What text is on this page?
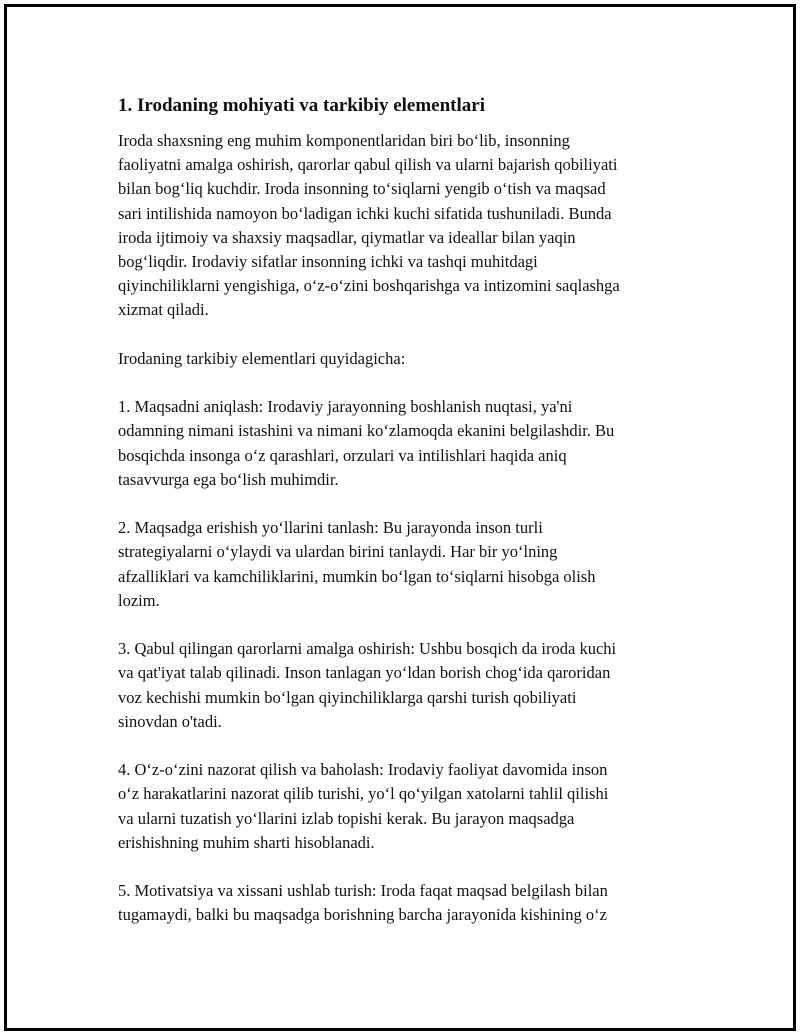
1. Irodaning mohiyati va tarkibiy elementlari

Iroda shaxsning eng muhim komponentlaridan biri bo‘lib, insonning
faoliyatni amalga oshirish, qarorlar qabul qilish va ularni bajarish qobiliyati
bilan bog‘liq kuchdir. Iroda insonning to‘siqlarni yengib o‘tish va maqsad
sari intilishida namoyon bo‘ladigan ichki kuchi sifatida tushuniladi. Bunda
iroda ijtimoiy va shaxsiy maqsadlar, qiymatlar va ideallar bilan yaqin
bog‘liqdir. Irodaviy sifatlar insonning ichki va tashqi muhitdagi
qiyinchiliklarni yengishiga, o‘z-o‘zini boshqarishga va intizomini saqlashga
xizmat qiladi.

Irodaning tarkibiy elementlari quyidagicha:

1. Maqsadni aniqlash: Irodaviy jarayonning boshlanish nuqtasi, ya'ni
odamning nimani istashini va nimani ko‘zlamoqda ekanini belgilashdir. Bu
bosqichda insonga o‘z qarashlari, orzulari va intilishlari haqida aniq
tasavvurga ega bo‘lish muhimdir.

2. Maqsadga erishish yo‘llarini tanlash: Bu jarayonda inson turli
strategiyalarni o‘ylaydi va ulardan birini tanlaydi. Har bir yo‘lning
afzalliklari va kamchiliklarini, mumkin bo‘lgan to‘siqlarni hisobga olish
lozim.

3. Qabul qilingan qarorlarni amalga oshirish: Ushbu bosqich da iroda kuchi
va qat'iyat talab qilinadi. Inson tanlagan yo‘ldan borish chog‘ida qaroridan
voz kechishi mumkin bo‘lgan qiyinchiliklarga qarshi turish qobiliyati
sinovdan o'tadi.

4. O‘z-o‘zini nazorat qilish va baholash: Irodaviy faoliyat davomida inson
o‘z harakatlarini nazorat qilib turishi, yo‘l qo‘yilgan xatolarni tahlil qilishi
va ularni tuzatish yo‘llarini izlab topishi kerak. Bu jarayon maqsadga
erishishning muhim sharti hisoblanadi.

5. Motivatsiya va xissani ushlab turish: Iroda faqat maqsad belgilash bilan
tugamaydi, balki bu maqsadga borishning barcha jarayonida kishining o‘z
